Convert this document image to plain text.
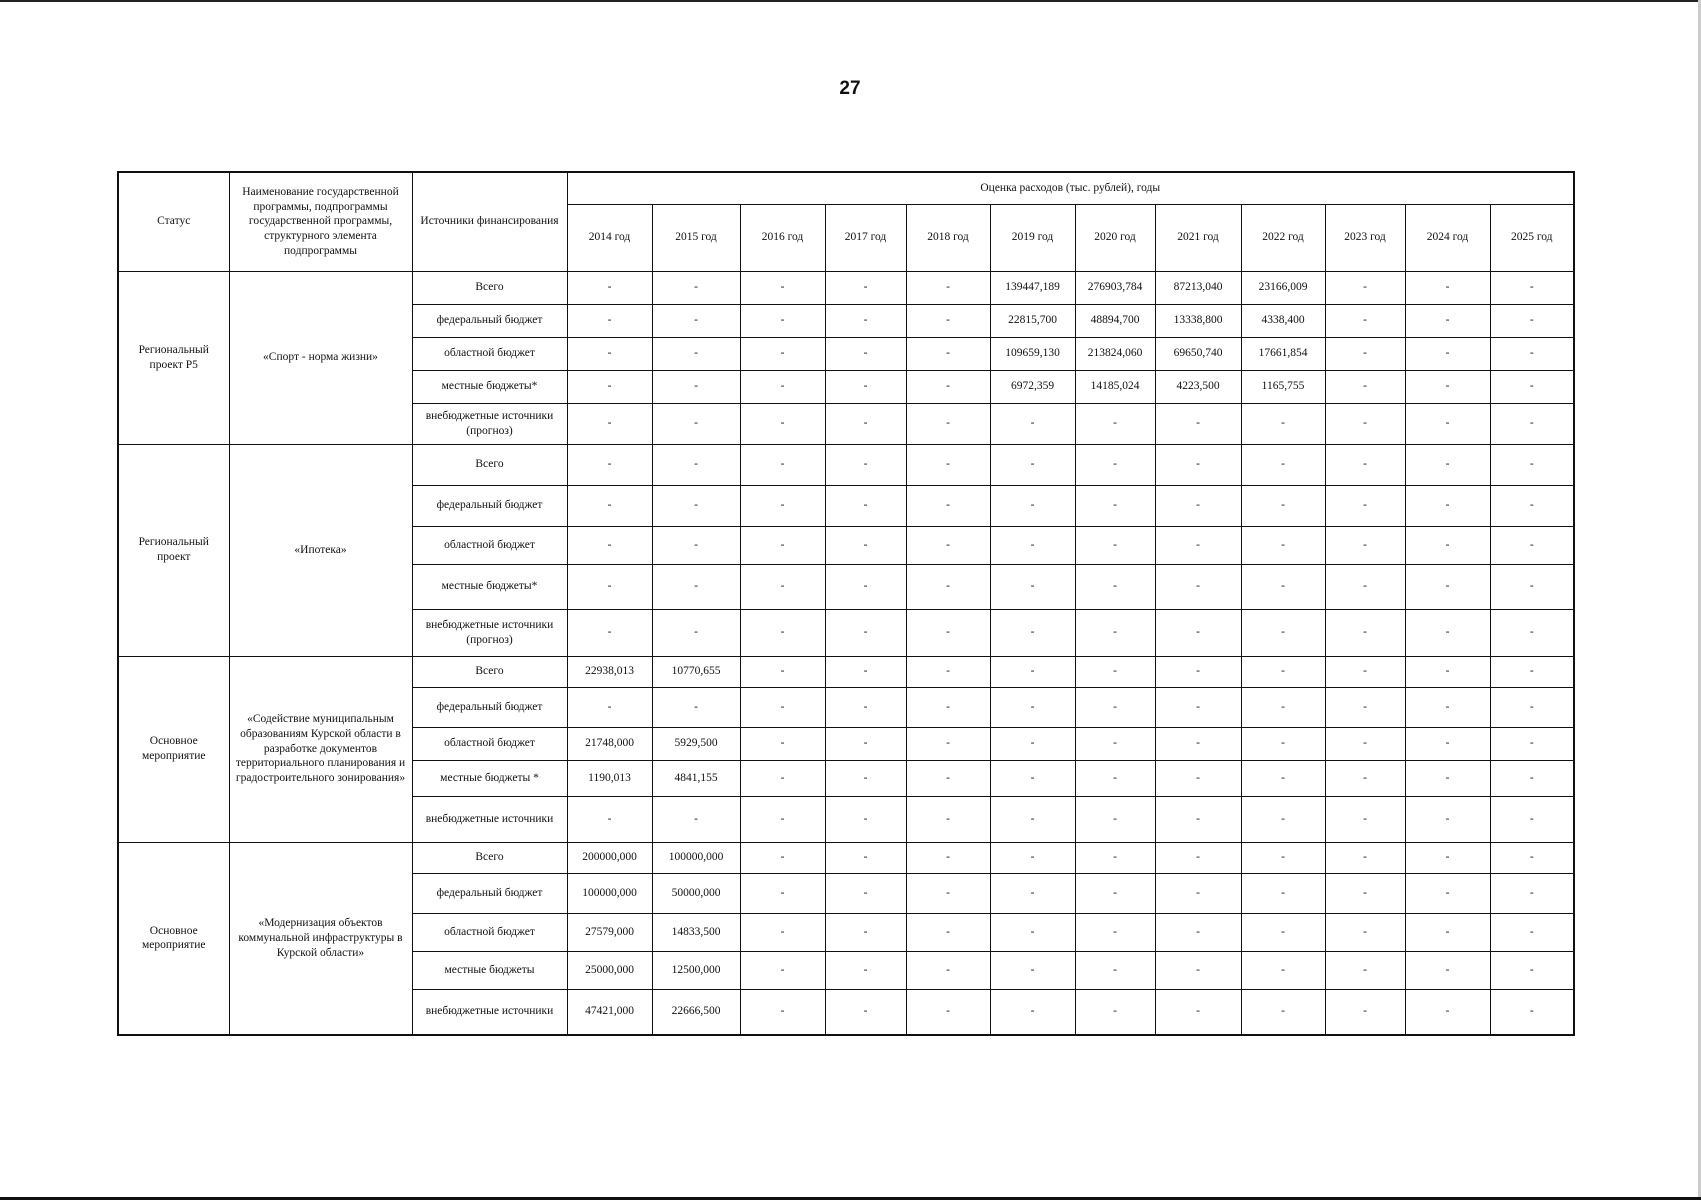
27
Статус	Наименование государственной программы, подпрограммы государственной программы, структурного элемента подпрограммы	Источники финансирования	Оценка расходов (тыс. рублей), годы											
			2014 год	2015 год	2016 год	2017 год	2018 год	2019 год	2020 год	2021 год	2022 год	2023 год	2024 год	2025 год
Региональный проект P5	«Спорт - норма жизни»	Всего	-	-	-	-	-	139447,189	276903,784	87213,040	23166,009	-	-	-
		федеральный бюджет	-	-	-	-	-	22815,700	48894,700	13338,800	4338,400	-	-	-
		областной бюджет	-	-	-	-	-	109659,130	213824,060	69650,740	17661,854	-	-	-
		местные бюджеты*	-	-	-	-	-	6972,359	14185,024	4223,500	1165,755	-	-	-
		внебюджетные источники (прогноз)	-	-	-	-	-	-	-	-	-	-	-	-
Региональный проект	«Ипотека»	Всего	-	-	-	-	-	-	-	-	-	-	-	-
		федеральный бюджет	-	-	-	-	-	-	-	-	-	-	-	-
		областной бюджет	-	-	-	-	-	-	-	-	-	-	-	-
		местные бюджеты*	-	-	-	-	-	-	-	-	-	-	-	-
		внебюджетные источники (прогноз)	-	-	-	-	-	-	-	-	-	-	-	-
Основное мероприятие	«Содействие муниципальным образованиям Курской области в разработке документов территориального планирования и градостроительного зонирования»	Всего	22938,013	10770,655	-	-	-	-	-	-	-	-	-	-
		федеральный бюджет	-	-	-	-	-	-	-	-	-	-	-	-
		областной бюджет	21748,000	5929,500	-	-	-	-	-	-	-	-	-	-
		местные бюджеты *	1190,013	4841,155	-	-	-	-	-	-	-	-	-	-
		внебюджетные источники	-	-	-	-	-	-	-	-	-	-	-	-
Основное мероприятие	«Модернизация объектов коммунальной инфраструктуры в Курской области»	Всего	200000,000	100000,000	-	-	-	-	-	-	-	-	-	-
		федеральный бюджет	100000,000	50000,000	-	-	-	-	-	-	-	-	-	-
		областной бюджет	27579,000	14833,500	-	-	-	-	-	-	-	-	-	-
		местные бюджеты	25000,000	12500,000	-	-	-	-	-	-	-	-	-	-
		внебюджетные источники	47421,000	22666,500	-	-	-	-	-	-	-	-	-	-
